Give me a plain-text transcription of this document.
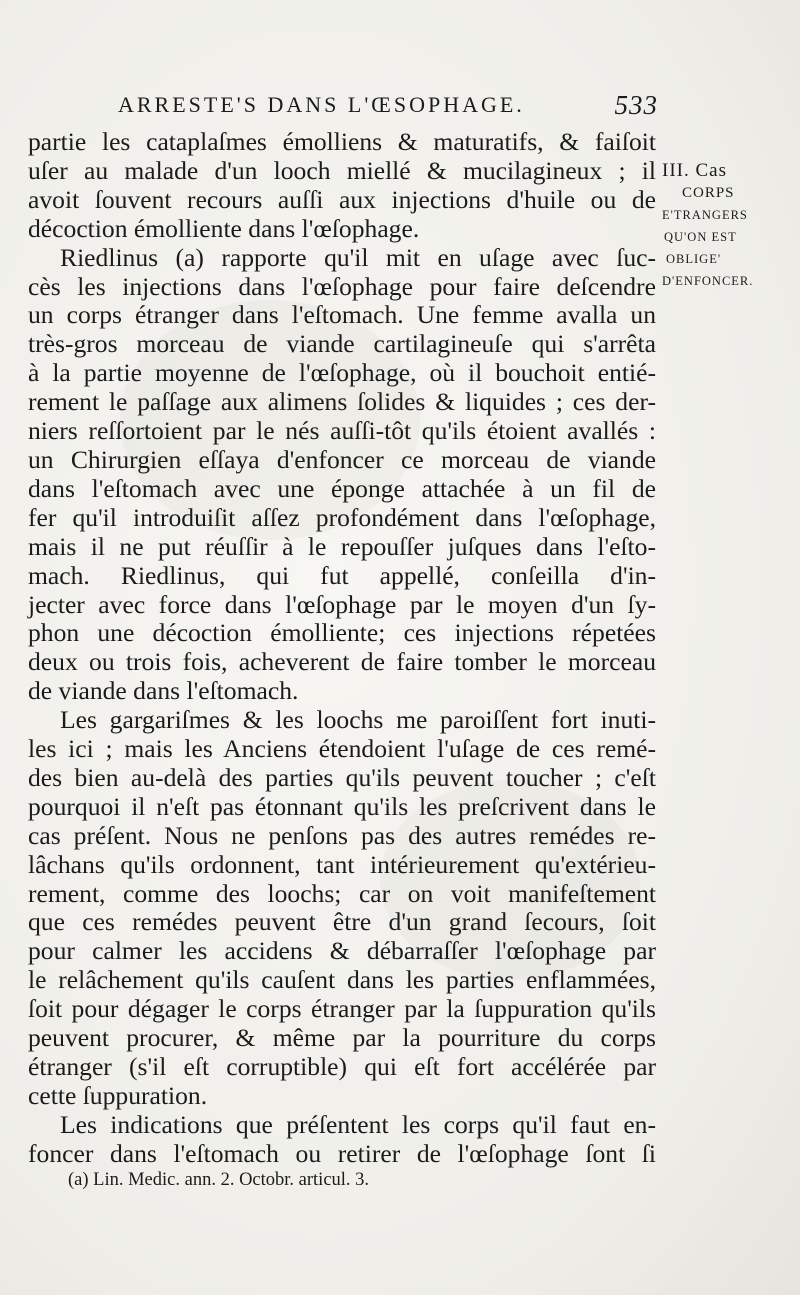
ARRESTE'S DANS L'ŒSOPHAGE.	533
partie les cataplaſmes émolliens & maturatifs, & faiſoit
uſer au malade d'un looch miellé & mucilagineux ; il
avoit ſouvent recours auſſi aux injections d'huile ou de
décoction émolliente dans l'œſophage.
Riedlinus (a) rapporte qu'il mit en uſage avec ſuc-
cès les injections dans l'œſophage pour faire deſcendre
un corps étranger dans l'eſtomach. Une femme avalla un
très-gros morceau de viande cartilagineuſe qui s'arrêta
à la partie moyenne de l'œſophage, où il bouchoit entié-
rement le paſſage aux alimens ſolides & liquides ; ces der-
niers reſſortoient par le nés auſſi-tôt qu'ils étoient avallés :
un Chirurgien eſſaya d'enfoncer ce morceau de viande
dans l'eſtomach avec une éponge attachée à un fil de
fer qu'il introduiſit aſſez profondément dans l'œſophage,
mais il ne put réuſſir à le repouſſer juſques dans l'eſto-
mach. Riedlinus, qui fut appellé, conſeilla d'in-
jecter avec force dans l'œſophage par le moyen d'un ſy-
phon une décoction émolliente; ces injections répetées
deux ou trois fois, acheverent de faire tomber le morceau
de viande dans l'eſtomach.
Les gargariſmes & les loochs me paroiſſent fort inuti-
les ici ; mais les Anciens étendoient l'uſage de ces remé-
des bien au-delà des parties qu'ils peuvent toucher ; c'eſt
pourquoi il n'eſt pas étonnant qu'ils les preſcrivent dans le
cas préſent. Nous ne penſons pas des autres remédes re-
lâchans qu'ils ordonnent, tant intérieurement qu'extérieu-
rement, comme des loochs; car on voit manifeſtement
que ces remédes peuvent être d'un grand ſecours, ſoit
pour calmer les accidens & débarraſſer l'œſophage par
le relâchement qu'ils cauſent dans les parties enflammées,
ſoit pour dégager le corps étranger par la ſuppuration qu'ils
peuvent procurer, & même par la pourriture du corps
étranger (s'il eſt corruptible) qui eſt fort accélérée par
cette ſuppuration.
Les indications que préſentent les corps qu'il faut en-
foncer dans l'eſtomach ou retirer de l'œſophage ſont ſi
III. Cas
CORPS
E'TRANGERS
QU'ON EST
OBLIGE'
D'ENFONCER.
(a) Lin. Medic. ann. 2. Octobr. articul. 3.
